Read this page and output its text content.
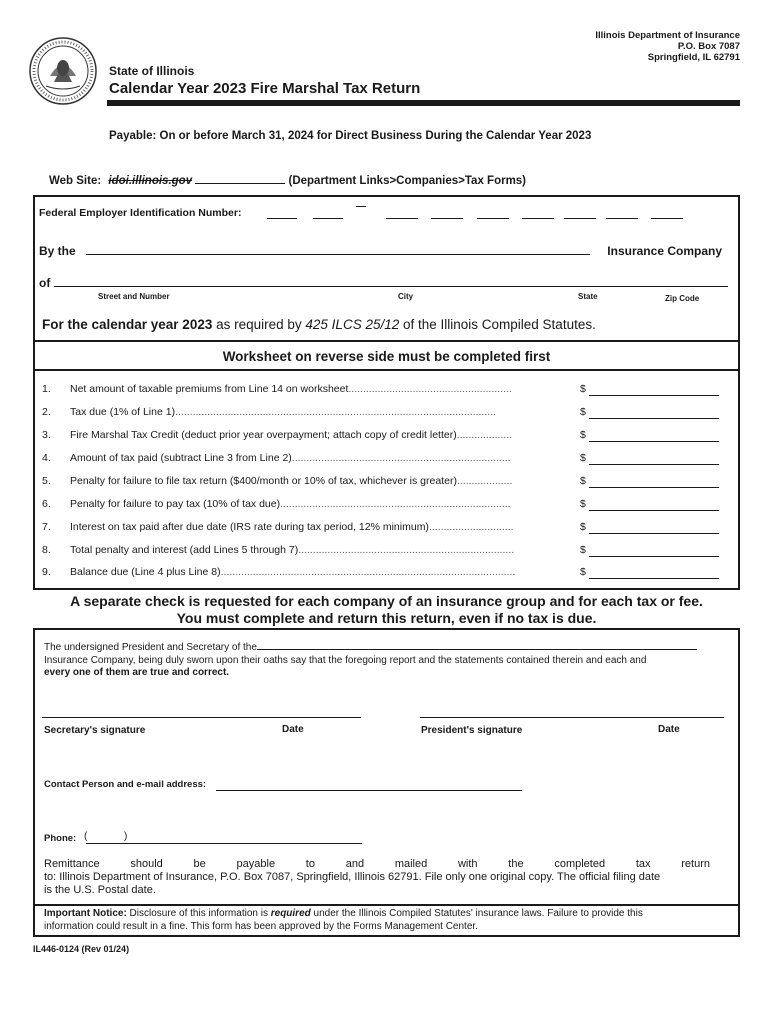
Illinois Department of Insurance
P.O. Box 7087
Springfield, IL 62791
State of Illinois
Calendar Year 2023 Fire Marshal Tax Return
Payable: On or before March 31, 2024 for Direct Business During the Calendar Year 2023
Web Site: idoi.illinois.gov	(Department Links>Companies>Tax Forms)
Federal Employer Identification Number:
By the	Insurance Company
of
Street and Number	City	State	Zip Code
For the calendar year 2023 as required by 425 ILCS 25/12 of the Illinois Compiled Statutes.
Worksheet on reverse side must be completed first
1. Net amount of taxable premiums from Line 14 on worksheet........................................................	$
2. Tax due (1% of Line 1)..............................................................................................................	$
3. Fire Marshal Tax Credit (deduct prior year overpayment; attach copy of credit letter)...................	$
4. Amount of tax paid (subtract Line 3 from Line 2)...........................................................................	$
5. Penalty for failure to file tax return ($400/month or 10% of tax, whichever is greater)...................	$
6. Penalty for failure to pay tax (10% of tax due)...............................................................................	$
7. Interest on tax paid after due date (IRS rate during tax period, 12% minimum).............................	$
8. Total penalty and interest (add Lines 5 through 7)..........................................................................	$
9. Balance due (Line 4 plus Line 8).....................................................................................................	$
A separate check is requested for each company of an insurance group and for each tax or fee.
You must complete and return this return, even if no tax is due.
The undersigned President and Secretary of the
Insurance Company, being duly sworn upon their oaths say that the foregoing report and the statements contained therein and each and
every one of them are true and correct.
Secretary's signature	Date	President's signature	Date
Contact Person and e-mail address:
Phone: (	)
Remittance should be payable to and mailed with the completed tax return
to: Illinois Department of Insurance, P.O. Box 7087, Springfield, Illinois 62791. File only one original copy. The official filing date
is the U.S. Postal date.
Important Notice: Disclosure of this information is required under the Illinois Compiled Statutes' insurance laws. Failure to provide this
information could result in a fine. This form has been approved by the Forms Management Center.
IL446-0124 (Rev 01/24)
